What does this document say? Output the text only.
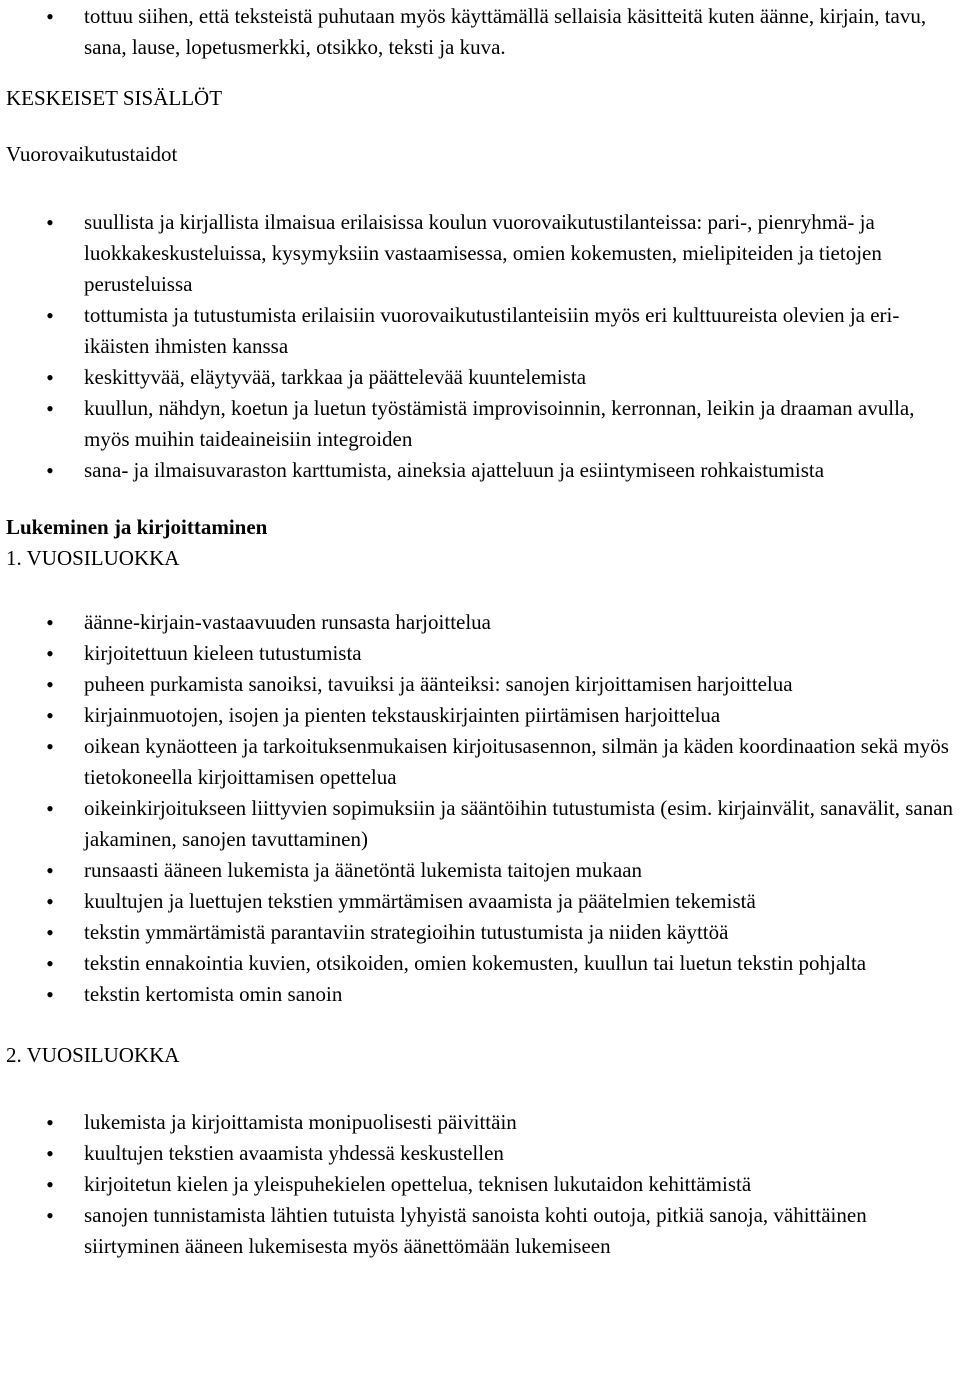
•
tottuu siihen, että teksteistä puhutaan myös käyttämällä sellaisia käsitteitä kuten äänne, kirjain, tavu, sana, lause, lopetusmerkki, otsikko, teksti ja kuva.
KESKEISET SISÄLLÖT
Vuorovaikutustaidot
•
suullista ja kirjallista ilmaisua erilaisissa koulun vuorovaikutustilanteissa: pari-, pienryhmä- ja luokkakeskusteluissa, kysymyksiin vastaamisessa, omien kokemusten, mielipiteiden ja tietojen perusteluissa
•
tottumista ja tutustumista erilaisiin vuorovaikutustilanteisiin myös eri kulttuureista olevien ja eri-ikäisten ihmisten kanssa
•
keskittyvää, eläytyvää, tarkkaa ja päättelevää kuuntelemista
•
kuullun, nähdyn, koetun ja luetun työstämistä improvisoinnin, kerronnan, leikin ja draaman avulla, myös muihin taideaineisiin integroiden
•
sana- ja ilmaisuvaraston karttumista, aineksia ajatteluun ja esiintymiseen rohkaistumista
Lukeminen ja kirjoittaminen
1. VUOSILUOKKA
•
äänne-kirjain-vastaavuuden runsasta harjoittelua
•
kirjoitettuun kieleen tutustumista
•
puheen purkamista sanoiksi, tavuiksi ja äänteiksi: sanojen kirjoittamisen harjoittelua
•
kirjainmuotojen, isojen ja pienten tekstauskirjainten piirtämisen harjoittelua
•
oikean kynäotteen ja tarkoituksenmukaisen kirjoitusasennon, silmän ja käden koordinaation sekä myös tietokoneella kirjoittamisen opettelua
•
oikeinkirjoitukseen liittyvien sopimuksiin ja sääntöihin tutustumista (esim. kirjainvälit, sanavälit, sanan jakaminen, sanojen tavuttaminen)
•
runsaasti ääneen lukemista ja äänetöntä lukemista taitojen mukaan
•
kuultujen ja luettujen tekstien ymmärtämisen avaamista ja päätelmien tekemistä
•
tekstin ymmärtämistä parantaviin strategioihin tutustumista ja niiden käyttöä
•
tekstin ennakointia kuvien, otsikoiden, omien kokemusten, kuullun tai luetun tekstin pohjalta
•
tekstin kertomista omin sanoin
2. VUOSILUOKKA
•
lukemista ja kirjoittamista monipuolisesti päivittäin
•
kuultujen tekstien avaamista yhdessä keskustellen
•
kirjoitetun kielen ja yleispuhekielen opettelua, teknisen lukutaidon kehittämistä
•
sanojen tunnistamista lähtien tutuista lyhyistä sanoista kohti outoja, pitkiä sanoja, vähittäinen siirtyminen ääneen lukemisesta myös äänettömään lukemiseen
